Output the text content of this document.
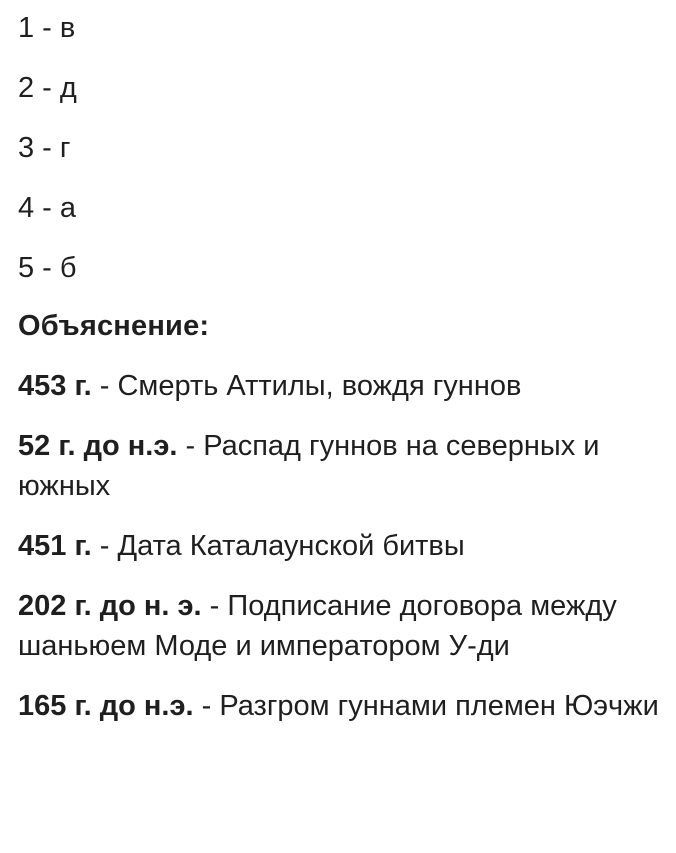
1 - в
2 - д
3 - г
4 - а
5 - б
Объяснение:
453 г. - Смерть Аттилы, вождя гуннов
52 г. до н.э. - Распад гуннов на северных и южных
451 г. - Дата Каталаунской битвы
202 г. до н. э. - Подписание договора между шаньюем Моде и императором У-ди
165 г. до н.э. - Разгром гуннами племен Юэчжи
